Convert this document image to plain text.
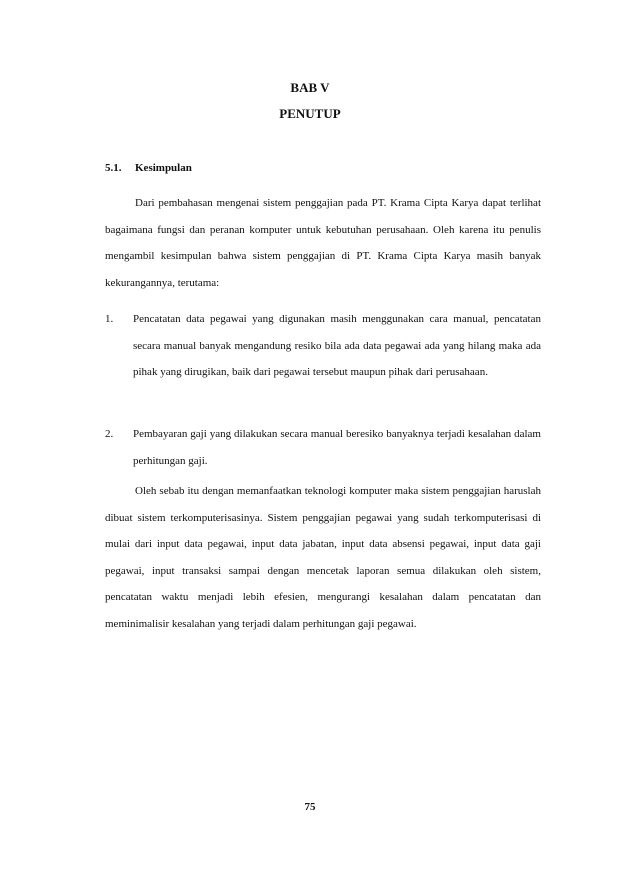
BAB V
PENUTUP
5.1. Kesimpulan

Dari pembahasan mengenai sistem penggajian pada PT. Krama Cipta Karya dapat terlihat bagaimana fungsi dan peranan komputer untuk kebutuhan perusahaan. Oleh karena itu penulis mengambil kesimpulan bahwa sistem penggajian di PT. Krama Cipta Karya masih banyak kekurangannya, terutama:

1.	Pencatatan data pegawai yang digunakan masih menggunakan cara manual, pencatatan secara manual banyak mengandung resiko bila ada data pegawai ada yang hilang maka ada pihak yang dirugikan, baik dari pegawai tersebut maupun pihak dari perusahaan.
2.	Pembayaran gaji yang dilakukan secara manual beresiko banyaknya terjadi kesalahan dalam perhitungan gaji.

Oleh sebab itu dengan memanfaatkan teknologi komputer maka sistem penggajian haruslah dibuat sistem terkomputerisasinya. Sistem penggajian pegawai yang sudah terkomputerisasi di mulai dari input data pegawai, input data jabatan, input data absensi pegawai, input data gaji pegawai, input transaksi sampai dengan mencetak laporan semua dilakukan oleh sistem, pencatatan waktu menjadi lebih efesien, mengurangi kesalahan dalam pencatatan dan meminimalisir kesalahan yang terjadi dalam perhitungan gaji pegawai.

75
